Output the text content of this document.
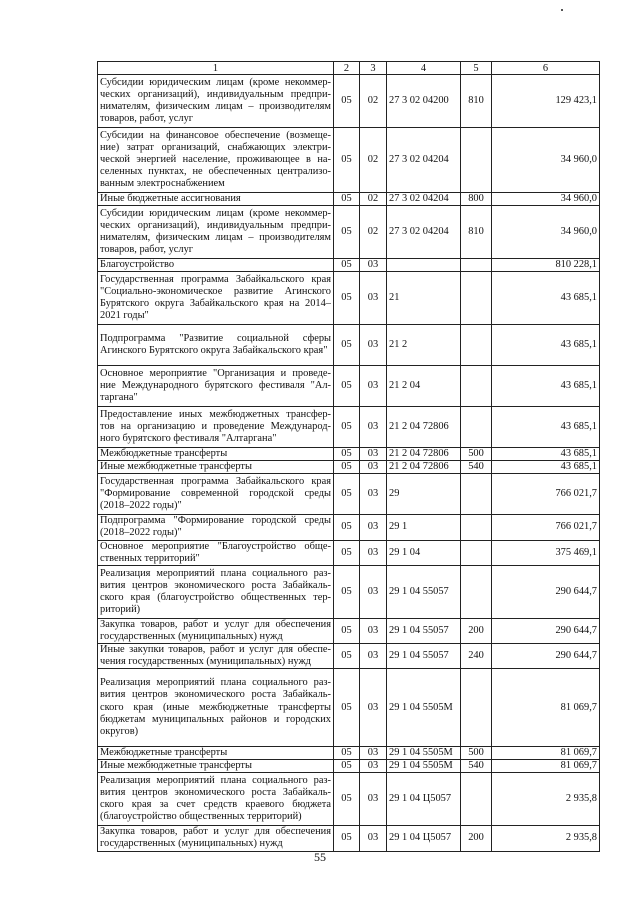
1	2	3	4	5	6
Субсидии юридическим лицам (кроме некоммер-ческих организаций), индивидуальным предпри-нимателям, физическим лицам – производителям товаров, работ, услуг	05	02	27 3 02 04200	810	129 423,1
Субсидии на финансовое обеспечение (возмеще-ние) затрат организаций, снабжающих электри-ческой энергией население, проживающее в на-селенных пунктах, не обеспеченных централизо-ванным электроснабжением	05	02	27 3 02 04204		34 960,0
Иные бюджетные ассигнования	05	02	27 3 02 04204	800	34 960,0
Субсидии юридическим лицам (кроме некоммер-ческих организаций), индивидуальным предпри-нимателям, физическим лицам – производителям товаров, работ, услуг	05	02	27 3 02 04204	810	34 960,0
Благоустройство	05	03			810 228,1
Государственная программа Забайкальского края "Социально-экономическое развитие Агинского Бурятского округа Забайкальского края на 2014–2021 годы"	05	03	21		43 685,1
Подпрограмма "Развитие социальной сферы Агинского Бурятского округа Забайкальского края"	05	03	21 2		43 685,1
Основное мероприятие "Организация и проведе-ние Международного бурятского фестиваля "Ал-таргана"	05	03	21 2 04		43 685,1
Предоставление иных межбюджетных трансфер-тов на организацию и проведение Международ-ного бурятского фестиваля "Алтаргана"	05	03	21 2 04 72806		43 685,1
Межбюджетные трансферты	05	03	21 2 04 72806	500	43 685,1
Иные межбюджетные трансферты	05	03	21 2 04 72806	540	43 685,1
Государственная программа Забайкальского края "Формирование современной городской среды (2018–2022 годы)"	05	03	29		766 021,7
Подпрограмма "Формирование городской среды (2018–2022 годы)"	05	03	29 1		766 021,7
Основное мероприятие "Благоустройство обще-ственных территорий"	05	03	29 1 04		375 469,1
Реализация мероприятий плана социального раз-вития центров экономического роста Забайкаль-ского края (благоустройство общественных тер-риторий)	05	03	29 1 04 55057		290 644,7
Закупка товаров, работ и услуг для обеспечения государственных (муниципальных) нужд	05	03	29 1 04 55057	200	290 644,7
Иные закупки товаров, работ и услуг для обеспе-чения государственных (муниципальных) нужд	05	03	29 1 04 55057	240	290 644,7
Реализация мероприятий плана социального раз-вития центров экономического роста Забайкаль-ского края (иные межбюджетные трансферты бюджетам муниципальных районов и городских округов)	05	03	29 1 04 5505М		81 069,7
Межбюджетные трансферты	05	03	29 1 04 5505М	500	81 069,7
Иные межбюджетные трансферты	05	03	29 1 04 5505М	540	81 069,7
Реализация мероприятий плана социального раз-вития центров экономического роста Забайкаль-ского края за счет средств краевого бюджета (благоустройство общественных территорий)	05	03	29 1 04 Ц5057		2 935,8
Закупка товаров, работ и услуг для обеспечения государственных (муниципальных) нужд	05	03	29 1 04 Ц5057	200	2 935,8
55
